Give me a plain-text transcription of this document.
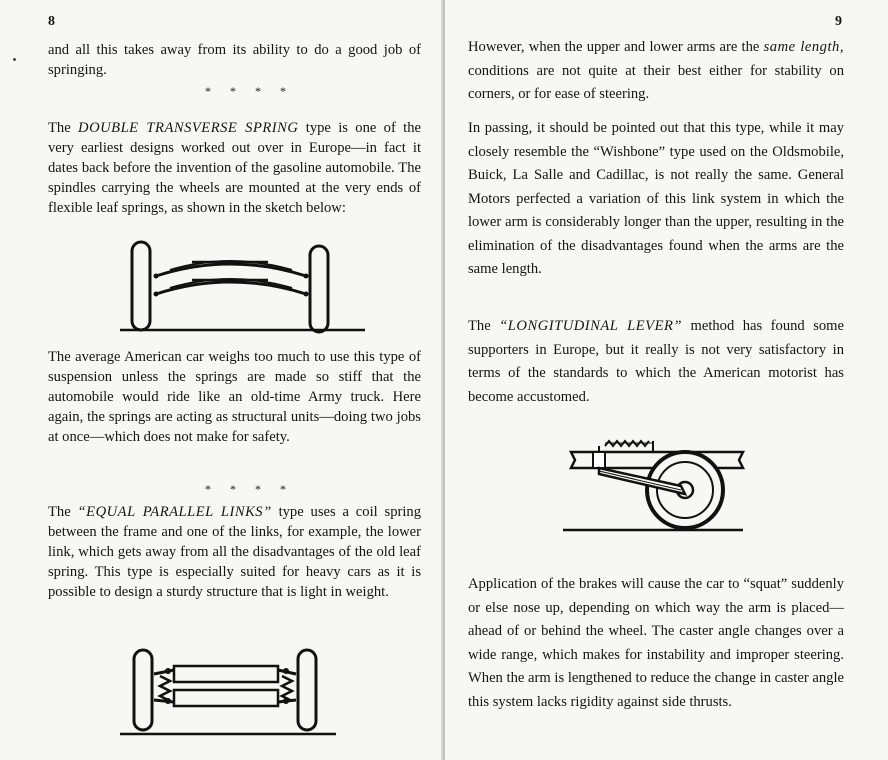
8

and all this takes away from its ability to do a good job of springing.

* * * *

The DOUBLE TRANSVERSE SPRING type is one of the very earliest designs worked out over in Europe—in fact it dates back before the invention of the gasoline automobile. The spindles carrying the wheels are mounted at the very ends of flexible leaf springs, as shown in the sketch below:

The average American car weighs too much to use this type of suspension unless the springs are made so stiff that the automobile would ride like an old-time Army truck. Here again, the springs are acting as structural units—doing two jobs at once—which does not make for safety.

* * * *

The “EQUAL PARALLEL LINKS” type uses a coil spring between the frame and one of the links, for example, the lower link, which gets away from all the disadvantages of the old leaf spring. This type is especially suited for heavy cars as it is possible to design a sturdy structure that is light in weight.

9

However, when the upper and lower arms are the same length, conditions are not quite at their best either for stability on corners, or for ease of steering.

In passing, it should be pointed out that this type, while it may closely resemble the “Wishbone” type used on the Oldsmobile, Buick, La Salle and Cadillac, is not really the same. General Motors perfected a variation of this link system in which the lower arm is considerably longer than the upper, resulting in the elimination of the disadvantages found when the arms are the same length.

The “LONGITUDINAL LEVER” method has found some supporters in Europe, but it really is not very satisfactory in terms of the standards to which the American motorist has become accustomed.

Application of the brakes will cause the car to “squat” suddenly or else nose up, depending on which way the arm is placed—ahead of or behind the wheel. The caster angle changes over a wide range, which makes for instability and improper steering. When the arm is lengthened to reduce the change in caster angle this system lacks rigidity against side thrusts.
